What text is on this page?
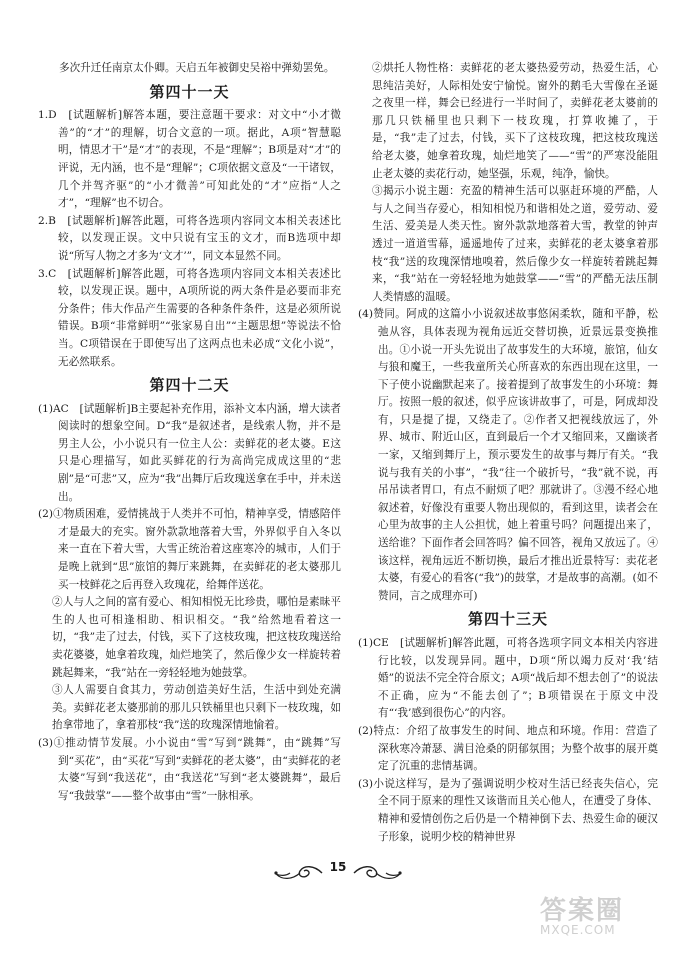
多次升迁任南京太仆卿。天启五年被御史吴裕中弹劾罢免。

第四十一天

1.D　[试题解析]解答本题，要注意题干要求：对文中“小才微善”的“才”的理解，切合文意的一项。据此，A项“智慧聪明，情思才干”是“才”的表现，不是“理解”；B项是对“才”的评说，无内涵，也不是“理解”；C项依据文意及“一干诸钗，几个并驾齐驱”的“小才微善”可知此处的“才”应指“人之才”，“理解”也不切合。

2.B　[试题解析]解答此题，可将各选项内容同文本相关表述比较，以发现正误。文中只说有宝玉的文才，而B选项中却说“所写人物之才多为‘文才’”，同文本显然不同。

3.C　[试题解析]解答此题，可将各选项内容同文本相关表述比较，以发现正误。题中，A项所说的两大条件是必要而非充分条件；伟大作品产生需要的各种条件条件，这是必须所说错误。B项“非常鲜明”“张家易自出”“主题思想”等说法不恰当。C项错误在于即使写出了这两点也未必成“文化小说”，无必然联系。

第四十二天

(1)AC　[试题解析]B主要起补充作用，添补文本内涵，增大读者阅读时的想象空间。D“我”是叙述者，是线索人物，并不是男主人公，小小说只有一位主人公：卖鲜花的老太婆。E这只是心理描写，如此买鲜花的行为高尚完成成这里的“悲剧”是“可悲”又，应为“我”出舞厅后玫瑰送拿在手中，并未送出。

(2)①物质困难，爱情挑战于人类并不可怕，精神享受，情感陪伴才是最大的充实。窗外款款地落着大雪，外界似乎自入冬以来一直在下着大雪，大雪正统治着这座寒冷的城市，人们于是晚上就到“思”旅馆的舞厅来跳舞，在卖鲜花的老太婆那儿买一枝鲜花之后再登入玫瑰花，给舞伴送花。

②人与人之间的富有爱心、相知相悦无比珍贵，哪怕是素昧平生的人也可相逢相助、相识相交。“我”给然地看着这一切，“我”走了过去，付钱，买下了这枝玫瑰，把这枝玫瑰送给卖花婆婆，她拿着玫瑰，灿烂地笑了，然后像少女一样旋转着跳起舞来，“我”站在一旁轻轻地为她鼓掌。

③人人需要自食其力，劳动创造美好生活，生活中到处充满美。卖鲜花老太婆那前的那儿只铁桶里也只剩下一枝玫瑰，如抬拿带地了，拿着那枝“我”送的玫瑰深情地愉着。

(3)①推动情节发展。小小说由“雪”写到“跳舞”，由“跳舞”写到“买花”，由“买花”写到“卖鲜花的老太婆”，由“卖鲜花的老太婆”写到“我送花”，由“我送花”写到“老太婆跳舞”，最后写“我鼓掌”——整个故事由“雪”一脉相承。

②烘托人物性格：卖鲜花的老太婆热爱劳动，热爱生活，心思纯洁美好，人际相处安宁愉悦。窗外的鹅毛大雪像在圣诞之夜里一样，舞会已经进行一半时间了，卖鲜花老太婆前的那几只铁桶里也只剩下一枝玫瑰，打算收摊了，于是，“我”走了过去，付钱，买下了这枝玫瑰，把这枝玫瑰送给老太婆，她拿着玫瑰，灿烂地笑了——“雪”的严寒没能阻止老太婆的卖花行动，她坚强，乐观，纯净，愉快。

③揭示小说主题：充盈的精神生活可以驱赶环境的严酷，人与人之间当存爱心，相知相悦乃和谐相处之道，爱劳动、爱生活、爱美是人类天性。窗外款款地落着大雪，教堂的钟声透过一道道雪幕，遥遥地传了过来，卖鲜花的老太婆拿着那枝“我”送的玫瑰深情地嗅着，然后像少女一样旋转着跳起舞来，“我”站在一旁轻轻地为她鼓掌——“雪”的严酷无法压制人类情感的温暖。

(4)赞同。阿成的这篇小小说叙述故事悠闲柔软，随和平静，松弛从容，具体表现为视角远近交替切换，近景远景变换推出。①小说一开头先说出了故事发生的大环境，旅馆，仙女与狼和魔王，一些我童所关心所喜欢的东西出现在这里，一下子使小说幽默起来了。接着提到了故事发生的小环境：舞厅。按照一般的叙述，似乎应该讲故事了，可是，阿成却没有，只是提了提，又绕走了。②作者又把视线放远了，外界、城市、附近山区，直到最后一个才又缩回来，又幽谈者一家，又缩到舞厅上，预示要发生的故事与舞厅有关。“我说与我有关的小事”，“我”往一个破折号，“我”就不说，再吊吊读者胃口，有点不耐烦了吧？那就讲了。③漫不经心地叙述着，好像没有重要人物出现似的，看到这里，读者会在心里为故事的主人公担忧，她上着重号吗？问题提出来了，送给谁？下面作者会回答吗？偏不回答，视角又放远了。④该这样，视角远近不断切换，最后才推出近景特写：卖花老太婆，有爱心的看客(“我”)的鼓掌，才是故事的高潮。(如不赞同，言之成理亦可)

第四十三天

(1)CE　[试题解析]解答此题，可将各选项字同文本相关内容进行比较，以发现异同。题中，D项“所以竭力反对‘我’结婚”的说法不完全符合原文；A项“战后却不想去创了”的说法不正确，应为“不能去创了”；B项错误在于原文中没有“‘我’感到很伤心”的内容。

(2)特点：介绍了故事发生的时间、地点和环境。作用：营造了深秋寒冷萧瑟、满目沧桑的阴郁氛围；为整个故事的展开奠定了沉重的悲情基调。

(3)小说这样写，是为了强调说明少校对生活已经丧失信心，完全不同于原来的理性又该谐而且关心他人，在遭受了身体、精神和爱情创伤之后仍是一个精神倒下去、热爱生命的硬汉子形象，说明少校的精神世界

15
答案圈
MXQE.COM
